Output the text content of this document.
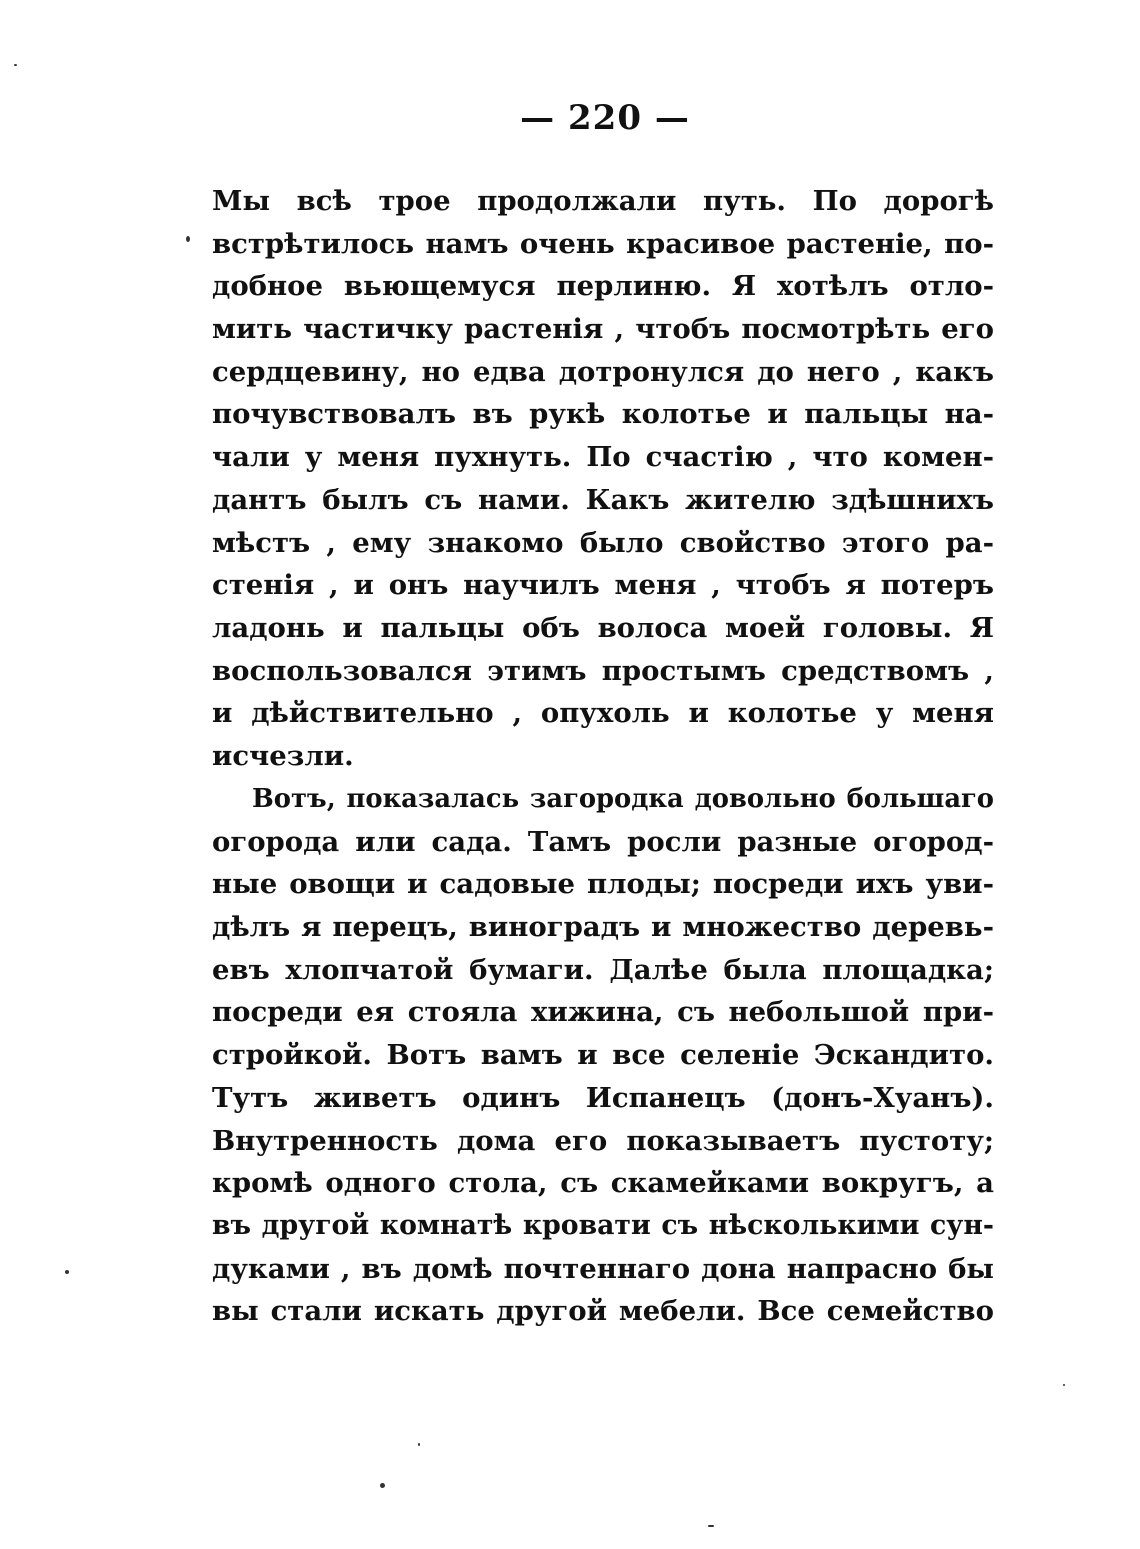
— 220 —
Мы всѣ трое продолжали путь. По дорогѣ
встрѣтилось намъ очень красивое растеніе, по-
добное вьющемуся перлиню. Я хотѣлъ отло-
мить частичку растенія , чтобъ посмотрѣть его
сердцевину, но едва дотронулся до него , какъ
почувствовалъ въ рукѣ колотье и пальцы на-
чали у меня пухнуть. По счастію , что комен-
дантъ былъ съ нами. Какъ жителю здѣшнихъ
мѣстъ , ему знакомо было свойство этого ра-
стенія , и онъ научилъ меня , чтобъ я потеръ
ладонь и пальцы объ волоса моей головы. Я
воспользовался этимъ простымъ средствомъ ,
и дѣйствительно , опухоль и колотье у меня
исчезли.
Вотъ, показалась загородка довольно большаго
огорода или сада. Тамъ росли разные огород-
ные овощи и садовые плоды; посреди ихъ уви-
дѣлъ я перецъ, виноградъ и множество деревь-
евъ хлопчатой бумаги. Далѣе была площадка;
посреди ея стояла хижина, съ небольшой при-
стройкой. Вотъ вамъ и все селеніе Эскандито.
Тутъ живетъ одинъ Испанецъ (донъ-Хуанъ).
Внутренность дома его показываетъ пустоту;
кромѣ одного стола, съ скамейками вокругъ, а
въ другой комнатѣ кровати съ нѣсколькими сун-
дуками , въ домѣ почтеннаго дона напрасно бы
вы стали искать другой мебели. Все семейство
